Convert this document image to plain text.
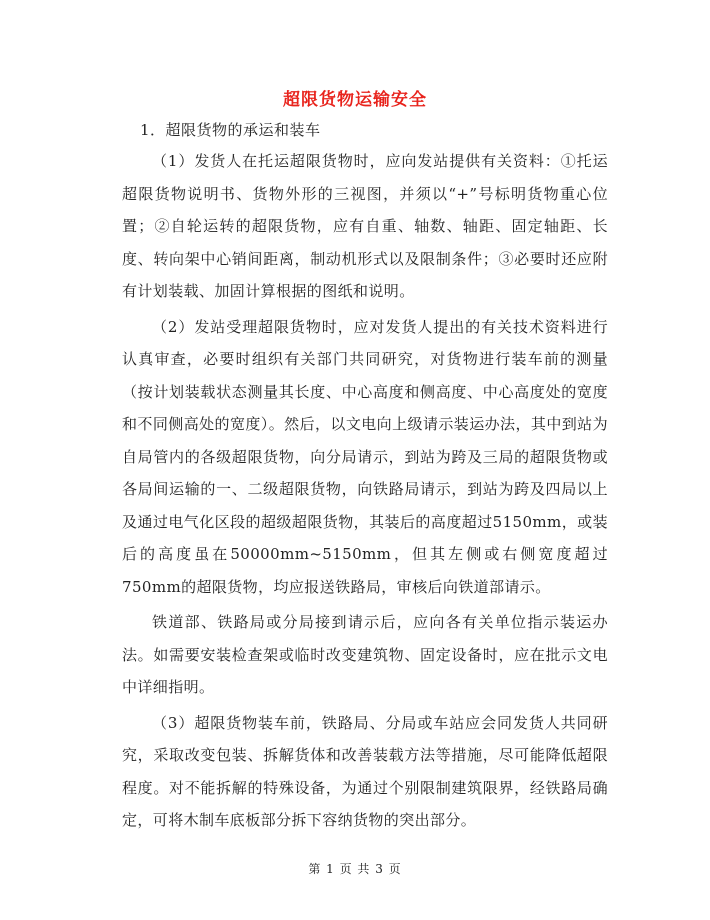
超限货物运输安全
1．超限货物的承运和装车

（1）发货人在托运超限货物时，应向发站提供有关资料：①托运超限货物说明书、货物外形的三视图，并须以“+”号标明货物重心位置；②自轮运转的超限货物，应有自重、轴数、轴距、固定轴距、长度、转向架中心销间距离，制动机形式以及限制条件；③必要时还应附有计划装载、加固计算根据的图纸和说明。

（2）发站受理超限货物时，应对发货人提出的有关技术资料进行认真审查，必要时组织有关部门共同研究，对货物进行装车前的测量（按计划装载状态测量其长度、中心高度和侧高度、中心高度处的宽度和不同侧高处的宽度）。然后，以文电向上级请示装运办法，其中到站为自局管内的各级超限货物，向分局请示，到站为跨及三局的超限货物或各局间运输的一、二级超限货物，向铁路局请示，到站为跨及四局以上及通过电气化区段的超级超限货物，其装后的高度超过5150mm，或装后的高度虽在50000mm~5150mm，但其左侧或右侧宽度超过750mm的超限货物，均应报送铁路局，审核后向铁道部请示。

铁道部、铁路局或分局接到请示后，应向各有关单位指示装运办法。如需要安装检查架或临时改变建筑物、固定设备时，应在批示文电中详细指明。

（3）超限货物装车前，铁路局、分局或车站应会同发货人共同研究，采取改变包装、拆解货体和改善装载方法等措施，尽可能降低超限程度。对不能拆解的特殊设备，为通过个别限制建筑限界，经铁路局确定，可将木制车底板部分拆下容纳货物的突出部分。

第 1 页 共 3 页
